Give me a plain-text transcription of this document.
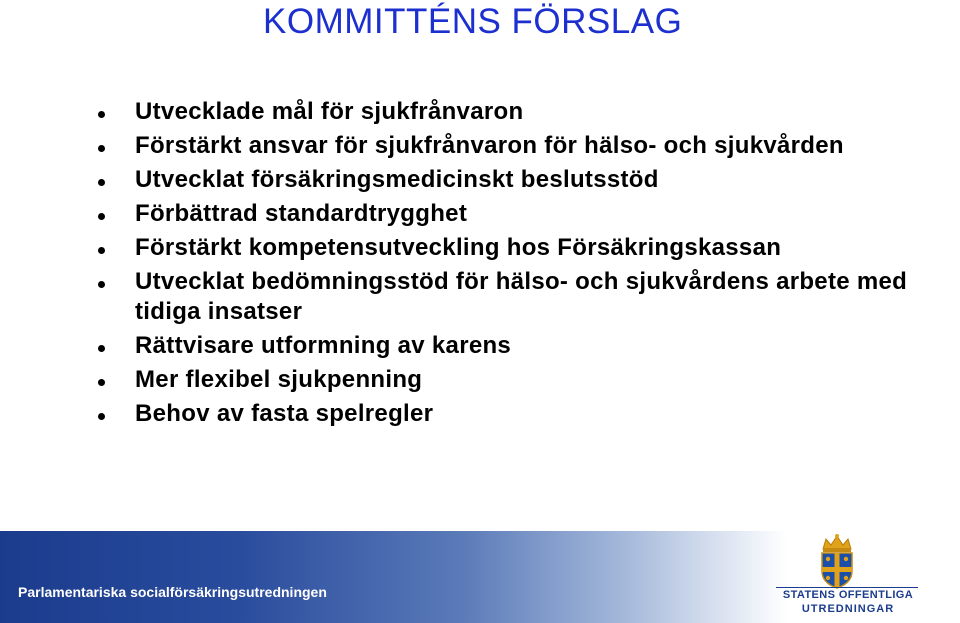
KOMMITTÉNS FÖRSLAG
Utvecklade mål för sjukfrånvaron
Förstärkt ansvar för sjukfrånvaron för hälso- och sjukvården
Utvecklat försäkringsmedicinskt beslutsstöd
Förbättrad standardtrygghet
Förstärkt kompetensutveckling hos Försäkringskassan
Utvecklat bedömningsstöd för hälso- och sjukvårdens arbete med tidiga insatser
Rättvisare utformning av karens
Mer flexibel sjukpenning
Behov av fasta spelregler
Parlamentariska socialförsäkringsutredningen	STATENS OFFENTLIGA
UTREDNINGAR
